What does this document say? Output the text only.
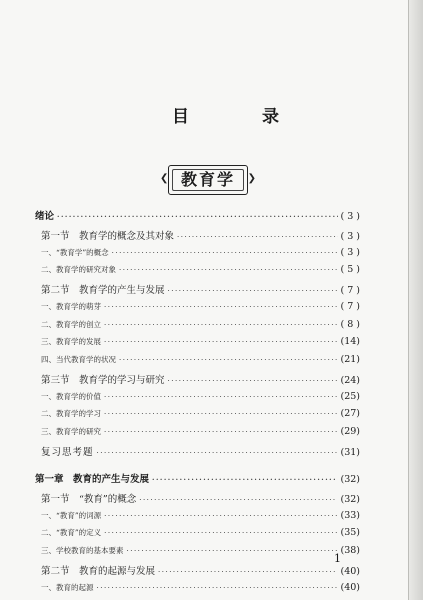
目　录
❮ 教育学	❯
绪论 ·····	( 3 )
第一节　教育学的概念及其对象 ·····	( 3 )
一、“教育学”的概念 ·····	( 3 )
二、教育学的研究对象 ·····	( 5 )
第二节　教育学的产生与发展 ·····	( 7 )
一、教育学的萌芽 ·····	( 7 )
二、教育学的创立 ·····	( 8 )
三、教育学的发展 ·····	(14)
四、当代教育学的状况 ·····	(21)
第三节　教育学的学习与研究 ·····	(24)
一、教育学的价值 ·····	(25)
二、教育学的学习 ·····	(27)
三、教育学的研究 ·····	(29)
复习思考题 ·····	(31)
第一章　教育的产生与发展 ·····	(32)
第一节　“教育”的概念 ·····	(32)
一、“教育”的词源 ·····	(33)
二、“教育”的定义 ·····	(35)
三、学校教育的基本要素 ·····	(38)
第二节　教育的起源与发展 ·····	(40)
一、教育的起源 ·····	(40)
1
